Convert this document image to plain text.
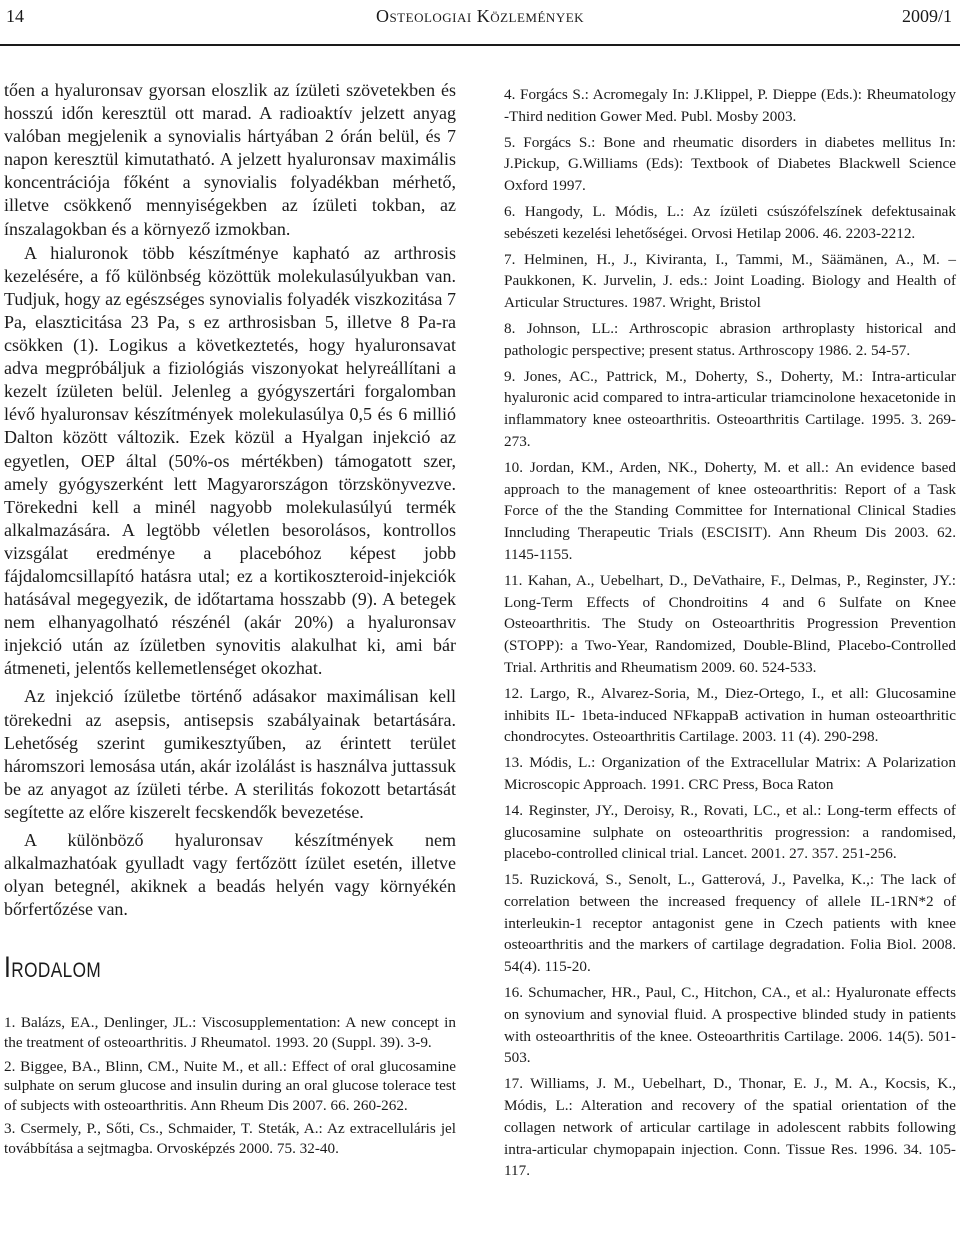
14	Osteologiai Közlemények	2009/1

tően a hyaluronsav gyorsan eloszlik az ízületi szövetekben és hosszú időn keresztül ott marad. A radioaktív jelzett anyag valóban megjelenik a synovialis hártyában 2 órán belül, és 7 napon keresztül kimutatható. A jelzett hyaluronsav maximális koncentrációja főként a synovialis folyadékban mérhető, illetve csökkenő mennyiségekben az ízületi tokban, az ínszalagokban és a környező izmokban.

A hialuronok több készítménye kapható az arthrosis kezelésére, a fő különbség közöttük molekulasúlyukban van. Tudjuk, hogy az egészséges synovialis folyadék viszkozitása 7 Pa, elaszticitása 23 Pa, s ez arthrosisban 5, illetve 8 Pa-ra csökken (1). Logikus a következtetés, hogy hyaluronsavat adva megpróbáljuk a fiziológiás viszonyokat helyreállítani a kezelt ízületen belül. Jelenleg a gyógyszertári forgalomban lévő hyaluronsav készítmények molekulasúlya 0,5 és 6 millió Dalton között változik. Ezek közül a Hyalgan injekció az egyetlen, OEP által (50%-os mértékben) támogatott szer, amely gyógyszerként lett Magyarországon törzskönyvezve. Törekedni kell a minél nagyobb molekulasúlyú termék alkalmazására. A legtöbb véletlen besorolásos, kontrollos vizsgálat eredménye a placebóhoz képest jobb fájdalomcsillapító hatásra utal; ez a kortikoszteroid-injekciók hatásával megegyezik, de időtartama hosszabb (9). A betegek nem elhanyagolható részénél (akár 20%) a hyaluronsav injekció után az ízületben synovitis alakulhat ki, ami bár átmeneti, jelentős kellemetlenséget okozhat.

Az injekció ízületbe történő adásakor maximálisan kell törekedni az asepsis, antisepsis szabályainak betartására. Lehetőség szerint gumikesztyűben, az érintett terület háromszori lemosása után, akár izolálást is használva juttassuk be az anyagot az ízületi térbe. A sterilitás fokozott betartását segítette az előre kiszerelt fecskendők bevezetése.

A különböző hyaluronsav készítmények nem alkalmazhatóak gyulladt vagy fertőzött ízület esetén, illetve olyan betegnél, akiknek a beadás helyén vagy környékén bőrfertőzése van.

Irodalom
1. Balázs, EA., Denlinger, JL.: Viscosupplementation: A new concept in the treatment of osteoarthritis. J Rheumatol. 1993. 20 (Suppl. 39). 3-9.
2. Biggee, BA., Blinn, CM., Nuite M., et all.: Effect of oral glucosamine sulphate on serum glucose and insulin during an oral glucose tolerace test of subjects with osteoarthritis. Ann Rheum Dis 2007. 66. 260-262.
3. Csermely, P., Sőti, Cs., Schmaider, T. Steták, A.: Az extracelluláris jel továbbítása a sejtmagba. Orvosképzés 2000. 75. 32-40.
4. Forgács S.: Acromegaly In: J.Klippel, P. Dieppe (Eds.): Rheumatology -Third nedition Gower Med. Publ. Mosby 2003.
5. Forgács S.: Bone and rheumatic disorders in diabetes mellitus In: J.Pickup, G.Williams (Eds): Textbook of Diabetes Blackwell Science Oxford 1997.
6. Hangody, L. Módis, L.: Az ízületi csúszófelszínek defektusainak sebészeti kezelési lehetőségei. Orvosi Hetilap 2006. 46. 2203-2212.
7. Helminen, H., J., Kiviranta, I., Tammi, M., Säämänen, A., M. – Paukkonen, K. Jurvelin, J. eds.: Joint Loading. Biology and Health of Articular Structures. 1987. Wright, Bristol
8. Johnson, LL.: Arthroscopic abrasion arthroplasty historical and pathologic perspective; present status. Arthroscopy 1986. 2. 54-57.
9. Jones, AC., Pattrick, M., Doherty, S., Doherty, M.: Intra-articular hyaluronic acid compared to intra-articular triamcinolone hexacetonide in inflammatory knee osteoarthritis. Osteoarthritis Cartilage. 1995. 3. 269-273.
10. Jordan, KM., Arden, NK., Doherty, M. et all.: An evidence based approach to the management of knee osteoarthritis: Report of a Task Force of the the Standing Committee for International Clinical Stadies Inncluding Therapeutic Trials (ESCISIT). Ann Rheum Dis 2003. 62. 1145-1155.
11. Kahan, A., Uebelhart, D., DeVathaire, F., Delmas, P., Reginster, JY.: Long-Term Effects of Chondroitins 4 and 6 Sulfate on Knee Osteoarthritis. The Study on Osteoarthritis Progression Prevention (STOPP): a Two-Year, Randomized, Double-Blind, Placebo-Controlled Trial. Arthritis and Rheumatism 2009. 60. 524-533.
12. Largo, R., Alvarez-Soria, M., Diez-Ortego, I., et all: Glucosamine inhibits IL- 1beta-induced NFkappaB activation in human osteoarthritic chondrocytes. Osteoarthritis Cartilage. 2003. 11 (4). 290-298.
13. Módis, L.: Organization of the Extracellular Matrix: A Polarization Microscopic Approach. 1991. CRC Press, Boca Raton
14. Reginster, JY., Deroisy, R., Rovati, LC., et al.: Long-term effects of glucosamine sulphate on osteoarthritis progression: a randomised, placebo-controlled clinical trial. Lancet. 2001. 27. 357. 251-256.
15. Ruzicková, S., Senolt, L., Gatterová, J., Pavelka, K.,: The lack of correlation between the increased frequency of allele IL-1RN*2 of interleukin-1 receptor antagonist gene in Czech patients with knee osteoarthritis and the markers of cartilage degradation. Folia Biol. 2008. 54(4). 115-20.
16. Schumacher, HR., Paul, C., Hitchon, CA., et al.: Hyaluronate effects on synovium and synovial fluid. A prospective blinded study in patients with osteoarthritis of the knee. Osteoarthritis Cartilage. 2006. 14(5). 501-503.
17. Williams, J. M., Uebelhart, D., Thonar, E. J., M. A., Kocsis, K., Módis, L.: Alteration and recovery of the spatial orientation of the collagen network of articular cartilage in adolescent rabbits following intra-articular chymopapain injection. Conn. Tissue Res. 1996. 34. 105-117.
